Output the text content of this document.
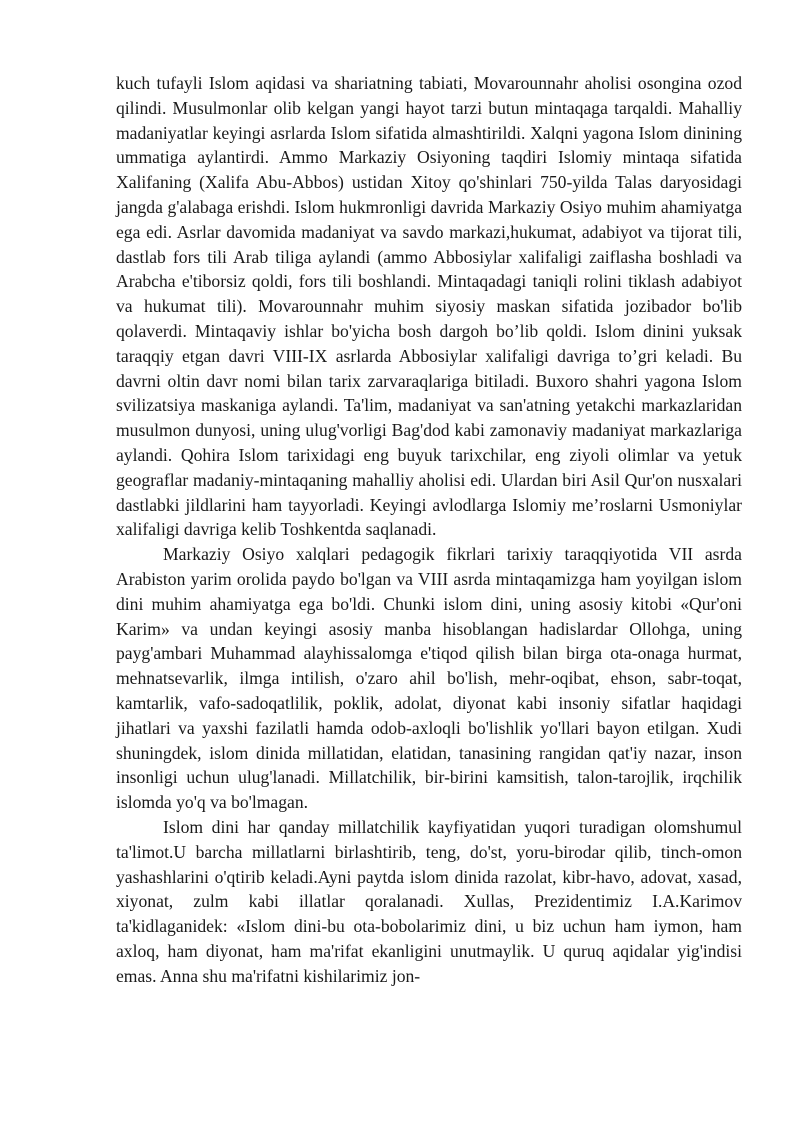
kuch tufayli Islom aqidasi va shariatning tabiati, Movarounnahr aholisi osongina ozod qilindi. Musulmonlar olib kelgan yangi hayot tarzi butun mintaqaga tarqaldi. Mahalliy madaniyatlar keyingi asrlarda Islom sifatida almashtirildi. Xalqni yagona Islom dinining ummatiga aylantirdi. Ammo Markaziy Osiyoning taqdiri Islomiy mintaqa sifatida Xalifaning (Xalifa Abu-Abbos) ustidan Xitoy qo'shinlari 750-yilda Talas daryosidagi jangda g'alabaga erishdi. Islom hukmronligi davrida Markaziy Osiyo muhim ahamiyatga ega edi. Asrlar davomida madaniyat va savdo markazi,hukumat, adabiyot va tijorat tili, dastlab fors tili Arab tiliga aylandi (ammo Abbosiylar xalifaligi zaiflasha boshladi va Arabcha e'tiborsiz qoldi, fors tili boshlandi. Mintaqadagi taniqli rolini tiklash adabiyot va hukumat tili). Movarounnahr muhim siyosiy maskan sifatida jozibador bo'lib qolaverdi. Mintaqaviy ishlar bo'yicha bosh dargoh bo’lib qoldi. Islom dinini yuksak taraqqiy etgan davri VIII-IX asrlarda Abbosiylar xalifaligi davriga to’gri keladi. Bu davrni oltin davr nomi bilan tarix zarvaraqlariga bitiladi. Buxoro shahri yagona Islom svilizatsiya maskaniga aylandi. Ta'lim, madaniyat va san'atning yetakchi markazlaridan musulmon dunyosi, uning ulug'vorligi Bag'dod kabi zamonaviy madaniyat markazlariga aylandi. Qohira Islom tarixidagi eng buyuk tarixchilar, eng ziyoli olimlar va yetuk geograflar madaniy-mintaqaning mahalliy aholisi edi. Ulardan biri Asil Qur'on nusxalari dastlabki jildlarini ham tayyorladi. Keyingi avlodlarga Islomiy me’roslarni Usmoniylar xalifaligi davriga kelib Toshkentda saqlanadi.

Markaziy Osiyo xalqlari pedagogik fikrlari tarixiy taraqqiyotida VII asrda Arabiston yarim orolida paydo bo'lgan va VIII asrda mintaqamizga ham yoyilgan islom dini muhim ahamiyatga ega bo'ldi. Chunki islom dini, uning asosiy kitobi «Qur'oni Karim» va undan keyingi asosiy manba hisoblangan hadislardar Ollohga, uning payg'ambari Muhammad alayhissalomga e'tiqod qilish bilan birga ota-onaga hurmat, mehnatsevarlik, ilmga intilish, o'zaro ahil bo'lish, mehr-oqibat, ehson, sabr-toqat, kamtarlik, vafo-sadoqatlilik, poklik, adolat, diyonat kabi insoniy sifatlar haqidagi jihatlari va yaxshi fazilatli hamda odob-axloqli bo'lishlik yo'llari bayon etilgan. Xudi shuningdek, islom dinida millatidan, elatidan, tanasining rangidan qat'iy nazar, inson insonligi uchun ulug'lanadi. Millatchilik, bir-birini kamsitish, talon-tarojlik, irqchilik islomda yo'q va bo'lmagan.

Islom dini har qanday millatchilik kayfiyatidan yuqori turadigan olomshumul ta'limot.U barcha millatlarni birlashtirib, teng, do'st, yoru-birodar qilib, tinch-omon yashashlarini o'qtirib keladi.Ayni paytda islom dinida razolat, kibr-havo, adovat, xasad, xiyonat, zulm kabi illatlar qoralanadi. Xullas, Prezidentimiz I.A.Karimov ta'kidlaganidek: «Islom dini-bu ota-bobolarimiz dini, u biz uchun ham iymon, ham axloq, ham diyonat, ham ma'rifat ekanligini unutmaylik. U quruq aqidalar yig'indisi emas. Anna shu ma'rifatni kishilarimiz jon-
